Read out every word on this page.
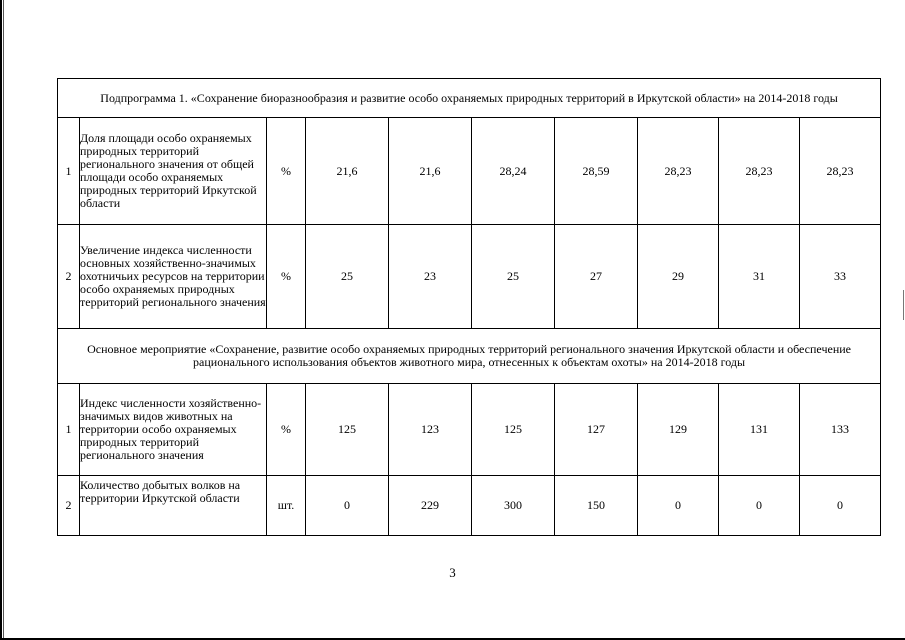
Подпрограмма 1. «Сохранение биоразнообразия и развитие особо охраняемых природных территорий в Иркутской области» на 2014-2018 годы									
1	Доля площади особо охраняемых природных территорий регионального значения от общей площади особо охраняемых природных территорий Иркутской области	%	21,6	21,6	28,24	28,59	28,23	28,23	28,23
2	Увеличение индекса численности основных хозяйственно-значимых охотничьих ресурсов на территории особо охраняемых природных территорий регионального значения	%	25	23	25	27	29	31	33
Основное мероприятие «Сохранение, развитие особо охраняемых природных территорий регионального значения Иркутской области и обеспечение рационального использования объектов животного мира, отнесенных к объектам охоты» на 2014-2018 годы									
1	Индекс численности хозяйственно-значимых видов животных на территории особо охраняемых природных территорий регионального значения	%	125	123	125	127	129	131	133
2	Количество добытых волков на территории Иркутской области	шт.	0	229	300	150	0	0	0
3
